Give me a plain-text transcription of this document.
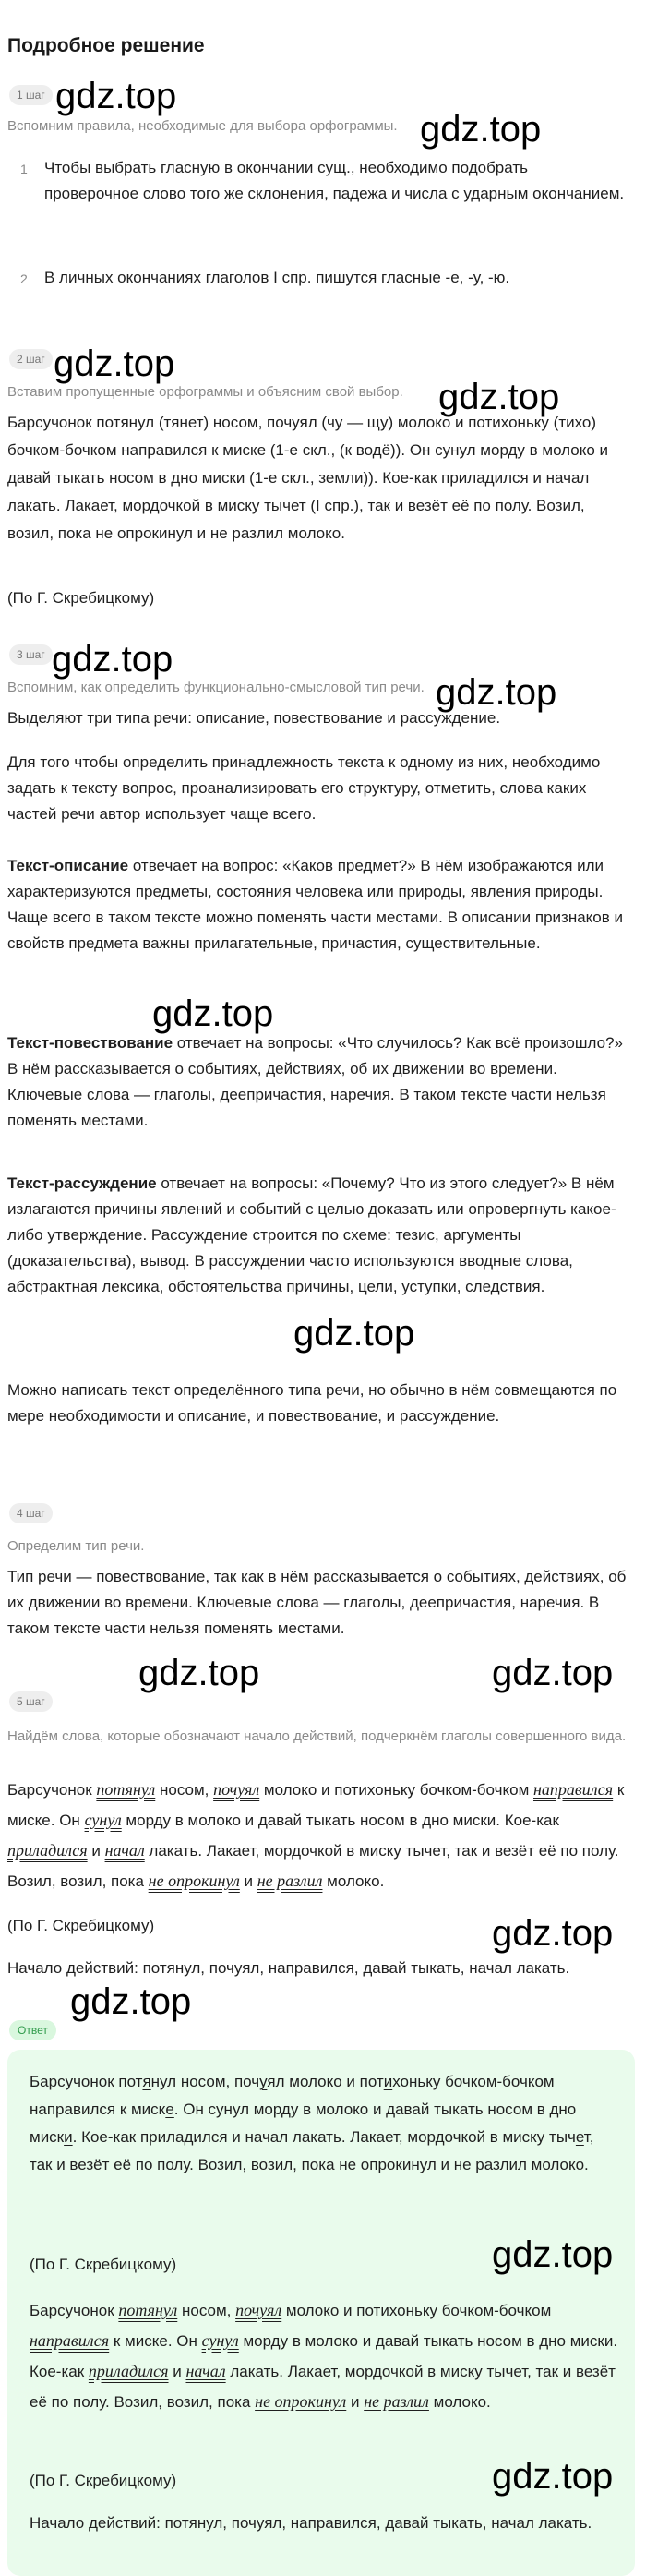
Подробное решение
1 шаг
Вспомним правила, необходимые для выбора орфограммы.
1 Чтобы выбрать гласную в окончании сущ., необходимо подобрать проверочное слово того же склонения, падежа и числа с ударным окончанием.
2 В личных окончаниях глаголов I спр. пишутся гласные -е, -у, -ю.
2 шаг
Вставим пропущенные орфограммы и объясним свой выбор.
Барсучонок потянул (тянет) носом, почуял (чу — щу) молоко и потихоньку (тихо) бочком-бочком направился к миске (1-е скл., (к водё)). Он сунул морду в молоко и давай тыкать носом в дно миски (1-е скл., земли)). Кое-как приладился и начал лакать. Лакает, мордочкой в миску тычет (I спр.), так и везёт её по полу. Возил, возил, пока не опрокинул и не разлил молоко.
(По Г. Скребицкому)
3 шаг
Вспомним, как определить функционально-смысловой тип речи.
Выделяют три типа речи: описание, повествование и рассуждение.
Для того чтобы определить принадлежность текста к одному из них, необходимо задать к тексту вопрос, проанализировать его структуру, отметить, слова каких частей речи автор использует чаще всего.
Текст-описание отвечает на вопрос: «Каков предмет?» В нём изображаются или характеризуются предметы, состояния человека или природы, явления природы. Чаще всего в таком тексте можно поменять части местами. В описании признаков и свойств предмета важны прилагательные, причастия, существительные.
Текст-повествование отвечает на вопросы: «Что случилось? Как всё произошло?» В нём рассказывается о событиях, действиях, об их движении во времени. Ключевые слова — глаголы, деепричастия, наречия. В таком тексте части нельзя поменять местами.
Текст-рассуждение отвечает на вопросы: «Почему? Что из этого следует?» В нём излагаются причины явлений и событий с целью доказать или опровергнуть какое-либо утверждение. Рассуждение строится по схеме: тезис, аргументы (доказательства), вывод. В рассуждении часто используются вводные слова, абстрактная лексика, обстоятельства причины, цели, уступки, следствия.
Можно написать текст определённого типа речи, но обычно в нём совмещаются по мере необходимости и описание, и повествование, и рассуждение.
4 шаг
Определим тип речи.
Тип речи — повествование, так как в нём рассказывается о событиях, действиях, об их движении во времени. Ключевые слова — глаголы, деепричастия, наречия. В таком тексте части нельзя поменять местами.
5 шаг
Найдём слова, которые обозначают начало действий, подчеркнём глаголы совершенного вида.
Барсучонок потянул носом, почуял молоко и потихоньку бочком-бочком направился к миске. Он сунул морду в молоко и давай тыкать носом в дно миски. Кое-как приладился и начал лакать. Лакает, мордочкой в миску тычет, так и везёт её по полу. Возил, возил, пока не опрокинул и не разлил молоко.
(По Г. Скребицкому)
Начало действий: потянул, почуял, направился, давай тыкать, начал лакать.
Ответ
Барсучонок потянул носом, почуял молоко и потихоньку бочком-бочком направился к миске. Он сунул морду в молоко и давай тыкать носом в дно миски. Кое-как приладился и начал лакать. Лакает, мордочкой в миску тычет, так и везёт её по полу. Возил, возил, пока не опрокинул и не разлил молоко.
(По Г. Скребицкому)
Барсучонок потянул носом, почуял молоко и потихоньку бочком-бочком направился к миске. Он сунул морду в молоко и давай тыкать носом в дно миски. Кое-как приладился и начал лакать. Лакает, мордочкой в миску тычет, так и везёт её по полу. Возил, возил, пока не опрокинул и не разлил молоко.
(По Г. Скребицкому)
Начало действий: потянул, почуял, направился, давай тыкать, начал лакать.
gdz.top
gdz.top
gdz.top
gdz.top
gdz.top
gdz.top
gdz.top
gdz.top
gdz.top	gdz.top
gdz.top
gdz.top
gdz.top
gdz.top
